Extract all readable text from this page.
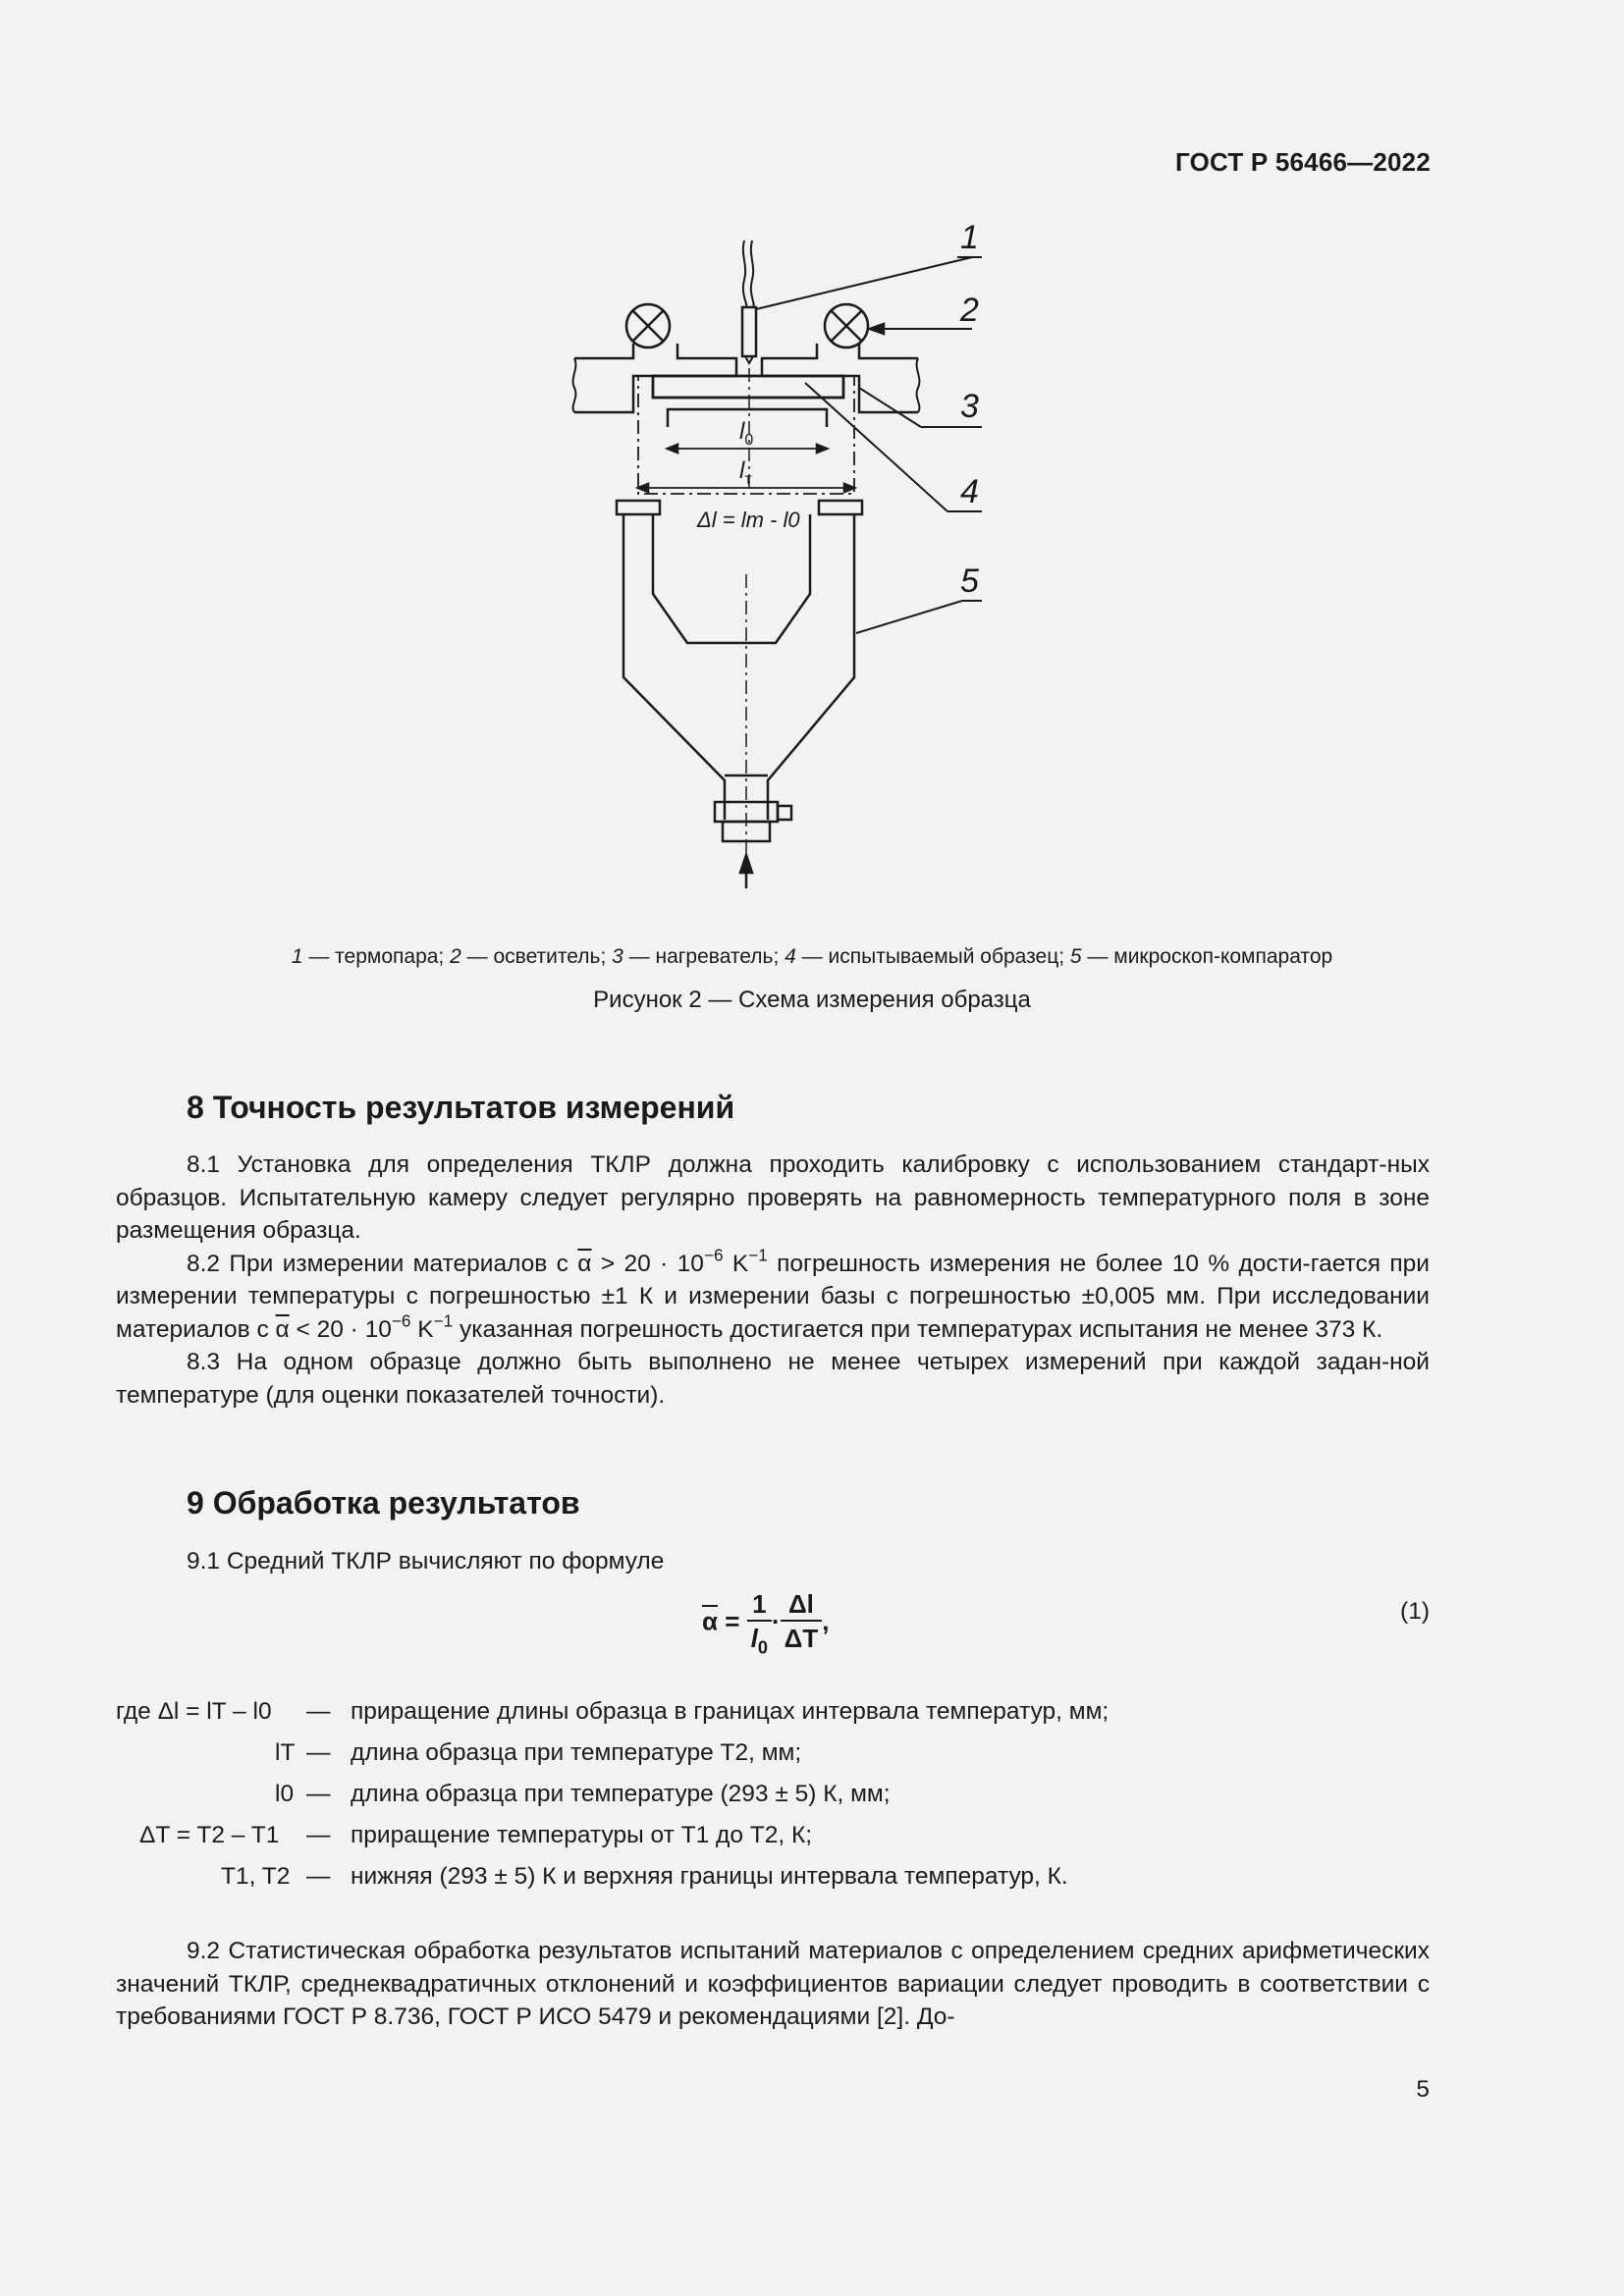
ГОСТ Р 56466—2022
1
2
3
4
5
$l_0$
$l_т$
Δl = lт - l0
1 — термопара; 2 — осветитель; 3 — нагреватель; 4 — испытываемый образец; 5 — микроскоп-компаратор
Рисунок 2 — Схема измерения образца
8 Точность результатов измерений

8.1 Установка для определения ТКЛР должна проходить калибровку с использованием стандарт-ных образцов. Испытательную камеру следует регулярно проверять на равномерность температурного поля в зоне размещения образца.

8.2 При измерении материалов с $\overline{\alpha} > 20 \cdot 10^{-6}$ $K^{-1}$ погрешность измерения не более 10 % дости-гается при измерении температуры с погрешностью ±1 К и измерении базы с погрешностью ±0,005 мм. При исследовании материалов с $\overline{\alpha} < 20 \cdot 10^{-6}$ $K^{-1}$ указанная погрешность достигается при температурах испытания не менее 373 К.

8.3 На одном образце должно быть выполнено не менее четырех измерений при каждой задан-ной температуре (для оценки показателей точности).

9 Обработка результатов

9.1 Средний ТКЛР вычисляют по формуле

$\overline{\alpha} = \frac{1}{l_0} \cdot \frac{\Delta l}{\Delta T}$ ,	(1)
где Δl = lT – l0 — приращение длины образца в границах интервала температур, мм;
lT — длина образца при температуре T2, мм;
l0 — длина образца при температуре (293 ± 5) К, мм;
ΔT = T2 – T1 — приращение температуры от T1 до T2, К;
T1, T2 — нижняя (293 ± 5) К и верхняя границы интервала температур, К.

9.2 Статистическая обработка результатов испытаний материалов с определением средних арифметических значений ТКЛР, среднеквадратичных отклонений и коэффициентов вариации следует проводить в соответствии с требованиями ГОСТ Р 8.736, ГОСТ Р ИСО 5479 и рекомендациями [2]. До-

5
